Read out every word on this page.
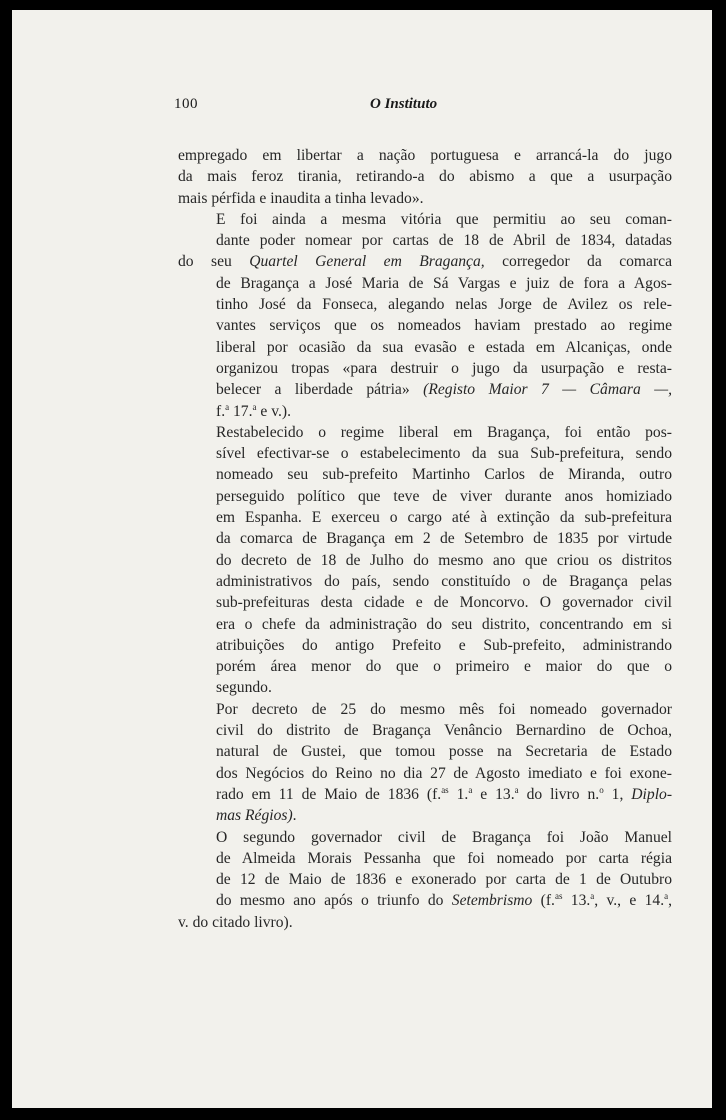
100	O Instituto

empregado em libertar a nação portuguesa e arrancá-la do jugo
da mais feroz tirania, retirando-a do abismo a que a usurpação
mais pérfida e inaudita a tinha levado».

E foi ainda a mesma vitória que permitiu ao seu coman-
dante poder nomear por cartas de 18 de Abril de 1834, datadas
do seu Quartel General em Bragança, corregedor da comarca
de Bragança a José Maria de Sá Vargas e juiz de fora a Agos-
tinho José da Fonseca, alegando nelas Jorge de Avilez os rele-
vantes serviços que os nomeados haviam prestado ao regime
liberal por ocasião da sua evasão e estada em Alcaniças, onde
organizou tropas «para destruir o jugo da usurpação e resta-
belecer a liberdade pátria» (Registo Maior 7 — Câmara —,
f.$^a$ 17.$^a$ e v.).

Restabelecido o regime liberal em Bragança, foi então pos-
sível efectivar-se o estabelecimento da sua Sub-prefeitura, sendo
nomeado seu sub-prefeito Martinho Carlos de Miranda, outro
perseguido político que teve de viver durante anos homiziado
em Espanha. E exerceu o cargo até à extinção da sub-prefeitura
da comarca de Bragança em 2 de Setembro de 1835 por virtude
do decreto de 18 de Julho do mesmo ano que criou os distritos
administrativos do país, sendo constituído o de Bragança pelas
sub-prefeituras desta cidade e de Moncorvo. O governador civil
era o chefe da administração do seu distrito, concentrando em si
atribuições do antigo Prefeito e Sub-prefeito, administrando
porém área menor do que o primeiro e maior do que o
segundo.

Por decreto de 25 do mesmo mês foi nomeado governador
civil do distrito de Bragança Venâncio Bernardino de Ochoa,
natural de Gustei, que tomou posse na Secretaria de Estado
dos Negócios do Reino no dia 27 de Agosto imediato e foi exone-
rado em 11 de Maio de 1836 (f.$^{as}$ 1.$^a$ e 13.$^a$ do livro n.$^o$ 1, Diplo-
mas Régios).

O segundo governador civil de Bragança foi João Manuel
de Almeida Morais Pessanha que foi nomeado por carta régia
de 12 de Maio de 1836 e exonerado por carta de 1 de Outubro
do mesmo ano após o triunfo do Setembrismo (f.$^{as}$ 13.$^a$, v., e 14.$^a$,
v. do citado livro).
